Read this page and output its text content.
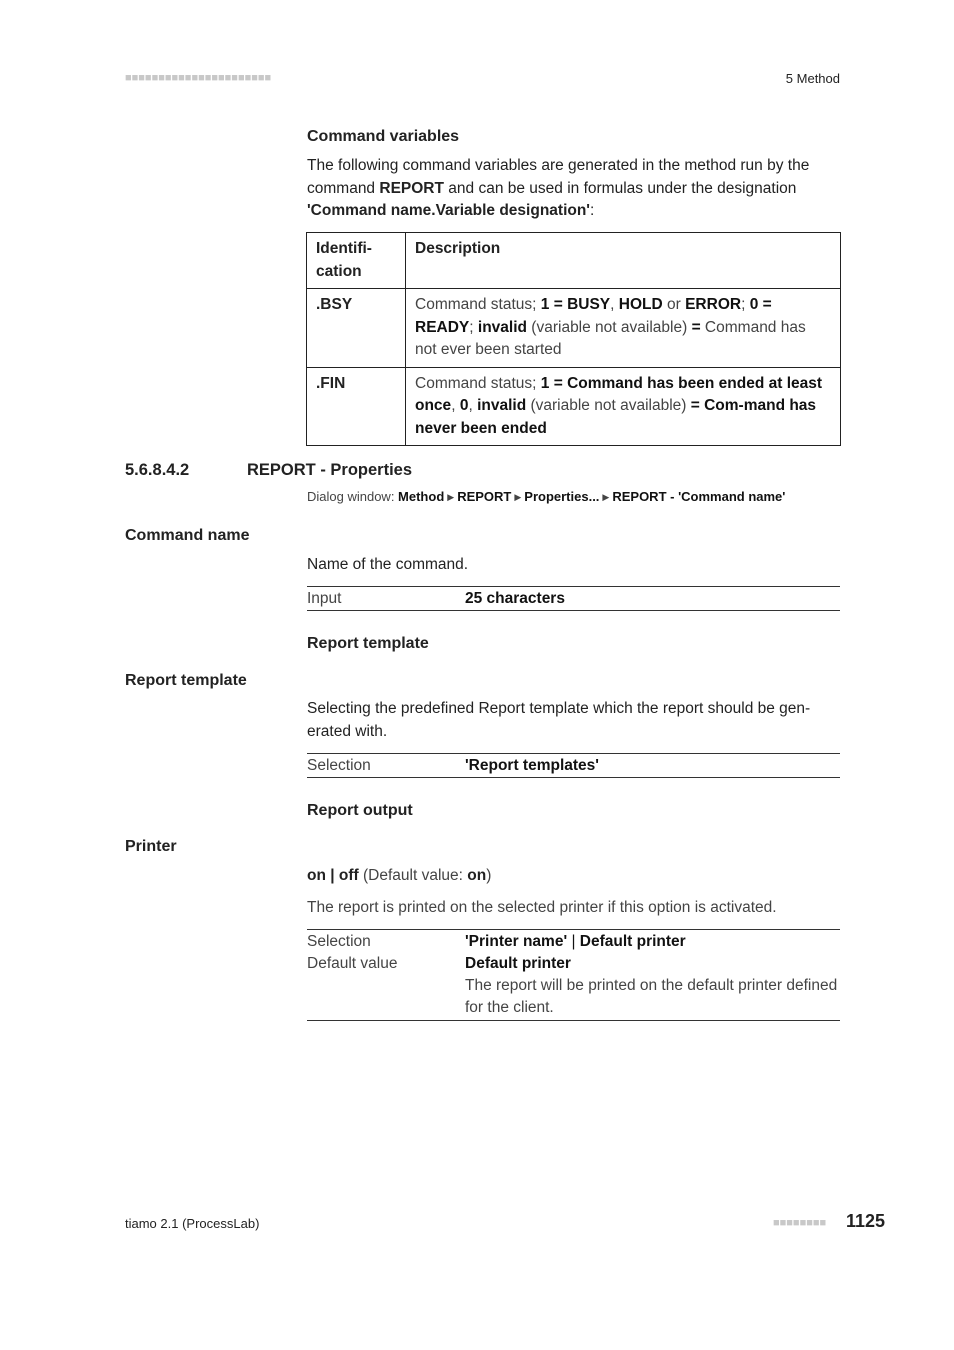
■■■■■■■■■■■■■■■■■■■■■■	5 Method
Command variables
The following command variables are generated in the method run by the command REPORT and can be used in formulas under the designation 'Command name.Variable designation':
Identifi-
cation	Description
.BSY	Command status; 1 = BUSY, HOLD or ERROR; 0 = READY; invalid (variable not available) = Command has not ever been started
.FIN	Command status; 1 = Command has been ended at least once, 0, invalid (variable not available) = Com-mand has never been ended
5.6.8.4.2	REPORT - Properties
Dialog window: Method ▶ REPORT ▶ Properties... ▶ REPORT - 'Command name'
Command name
Name of the command.
Input	25 characters
Report template
Report template
Selecting the predefined Report template which the report should be gen-erated with.
Selection	'Report templates'
Report output
Printer
on | off (Default value: on)
The report is printed on the selected printer if this option is activated.
Selection	'Printer name' | Default printer
Default value	Default printer
The report will be printed on the default printer defined for the client.
tiamo 2.1 (ProcessLab)	■■■■■■■■	1125
